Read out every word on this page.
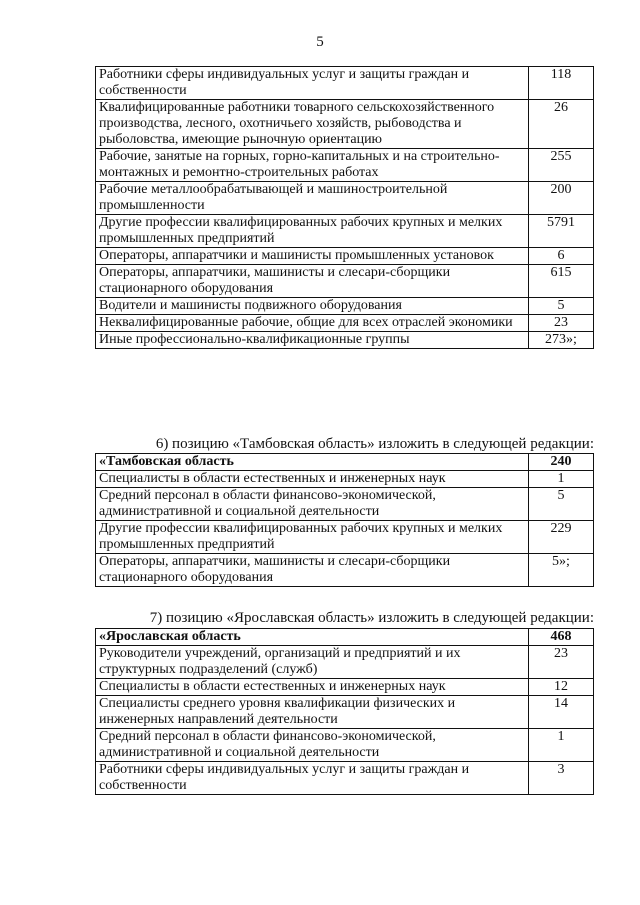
5
Работники сферы индивидуальных услуг и защиты граждан и собственности	118
Квалифицированные работники товарного сельскохозяйственного производства, лесного, охотничьего хозяйств, рыбоводства и рыболовства, имеющие рыночную ориентацию	26
Рабочие, занятые на горных, горно-капитальных и на строительно-монтажных и ремонтно-строительных работах	255
Рабочие металлообрабатывающей и машиностроительной промышленности	200
Другие профессии квалифицированных рабочих крупных и мелких промышленных предприятий	5791
Операторы, аппаратчики и машинисты промышленных установок	6
Операторы, аппаратчики, машинисты и слесари-сборщики стационарного оборудования	615
Водители и машинисты подвижного оборудования	5
Неквалифицированные рабочие, общие для всех отраслей экономики	23
Иные профессионально-квалификационные группы	273»;
6) позицию «Тамбовская область» изложить в следующей редакции:
«Тамбовская область	240
Специалисты в области естественных и инженерных наук	1
Средний персонал в области финансово-экономической, административной и социальной деятельности	5
Другие профессии квалифицированных рабочих крупных и мелких промышленных предприятий	229
Операторы, аппаратчики, машинисты и слесари-сборщики стационарного оборудования	5»;
7) позицию «Ярославская область» изложить в следующей редакции:
«Ярославская область	468
Руководители учреждений, организаций и предприятий и их структурных подразделений (служб)	23
Специалисты в области естественных и инженерных наук	12
Специалисты среднего уровня квалификации физических и инженерных направлений деятельности	14
Средний персонал в области финансово-экономической, административной и социальной деятельности	1
Работники сферы индивидуальных услуг и защиты граждан и собственности	3
